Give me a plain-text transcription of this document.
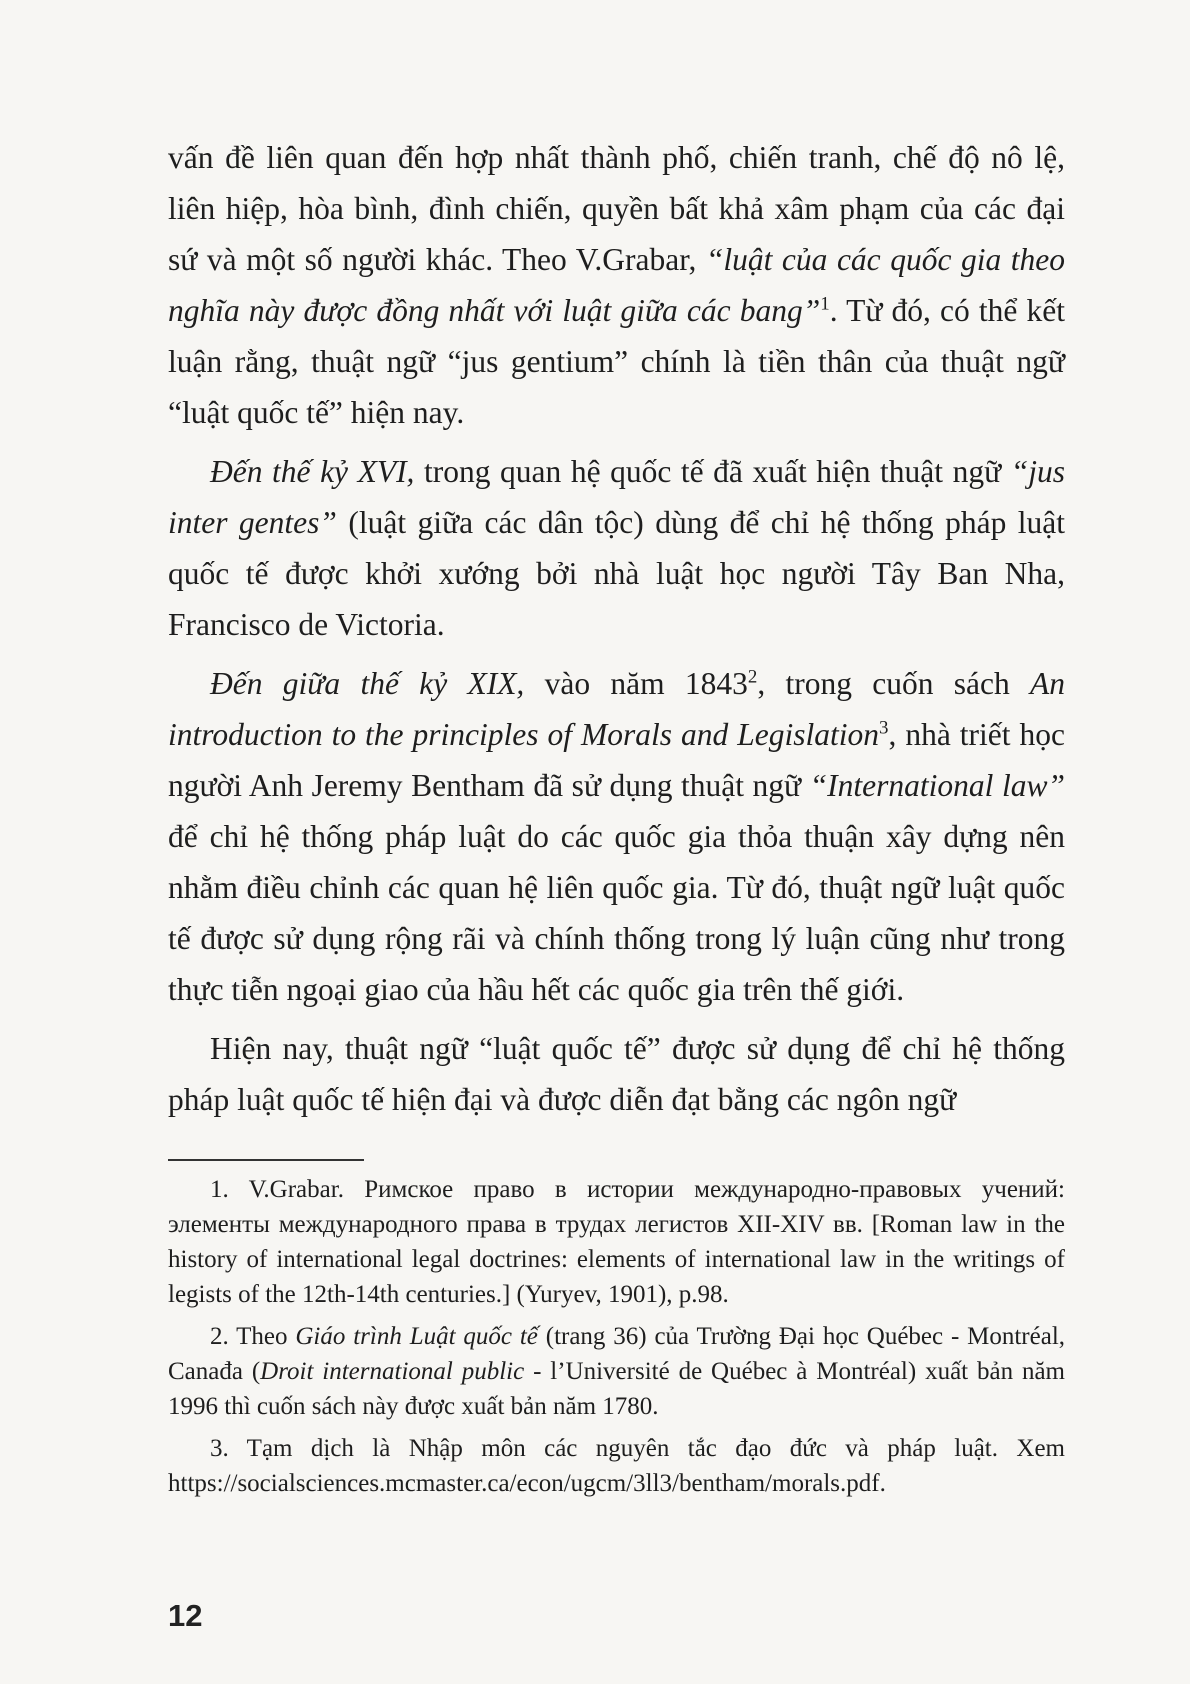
vấn đề liên quan đến hợp nhất thành phố, chiến tranh, chế độ nô lệ, liên hiệp, hòa bình, đình chiến, quyền bất khả xâm phạm của các đại sứ và một số người khác. Theo V.Grabar, “luật của các quốc gia theo nghĩa này được đồng nhất với luật giữa các bang”$^1$. Từ đó, có thể kết luận rằng, thuật ngữ “jus gentium” chính là tiền thân của thuật ngữ “luật quốc tế” hiện nay.

Đến thế kỷ XVI, trong quan hệ quốc tế đã xuất hiện thuật ngữ “jus inter gentes” (luật giữa các dân tộc) dùng để chỉ hệ thống pháp luật quốc tế được khởi xướng bởi nhà luật học người Tây Ban Nha, Francisco de Victoria.

Đến giữa thế kỷ XIX, vào năm 1843$^2$, trong cuốn sách An introduction to the principles of Morals and Legislation$^3$, nhà triết học người Anh Jeremy Bentham đã sử dụng thuật ngữ “International law” để chỉ hệ thống pháp luật do các quốc gia thỏa thuận xây dựng nên nhằm điều chỉnh các quan hệ liên quốc gia. Từ đó, thuật ngữ luật quốc tế được sử dụng rộng rãi và chính thống trong lý luận cũng như trong thực tiễn ngoại giao của hầu hết các quốc gia trên thế giới.

Hiện nay, thuật ngữ “luật quốc tế” được sử dụng để chỉ hệ thống pháp luật quốc tế hiện đại và được diễn đạt bằng các ngôn ngữ

1. V.Grabar. Римское право в истории международно-правовых учений: элементы международного права в трудах легистов XII-XIV вв. [Roman law in the history of international legal doctrines: elements of international law in the writings of legists of the 12th-14th centuries.] (Yuryev, 1901), p.98.

2. Theo Giáo trình Luật quốc tế (trang 36) của Trường Đại học Québec - Montréal, Canađa (Droit international public - l’Université de Québec à Montréal) xuất bản năm 1996 thì cuốn sách này được xuất bản năm 1780.

3. Tạm dịch là Nhập môn các nguyên tắc đạo đức và pháp luật. Xem https://socialsciences.mcmaster.ca/econ/ugcm/3ll3/bentham/morals.pdf.

12
